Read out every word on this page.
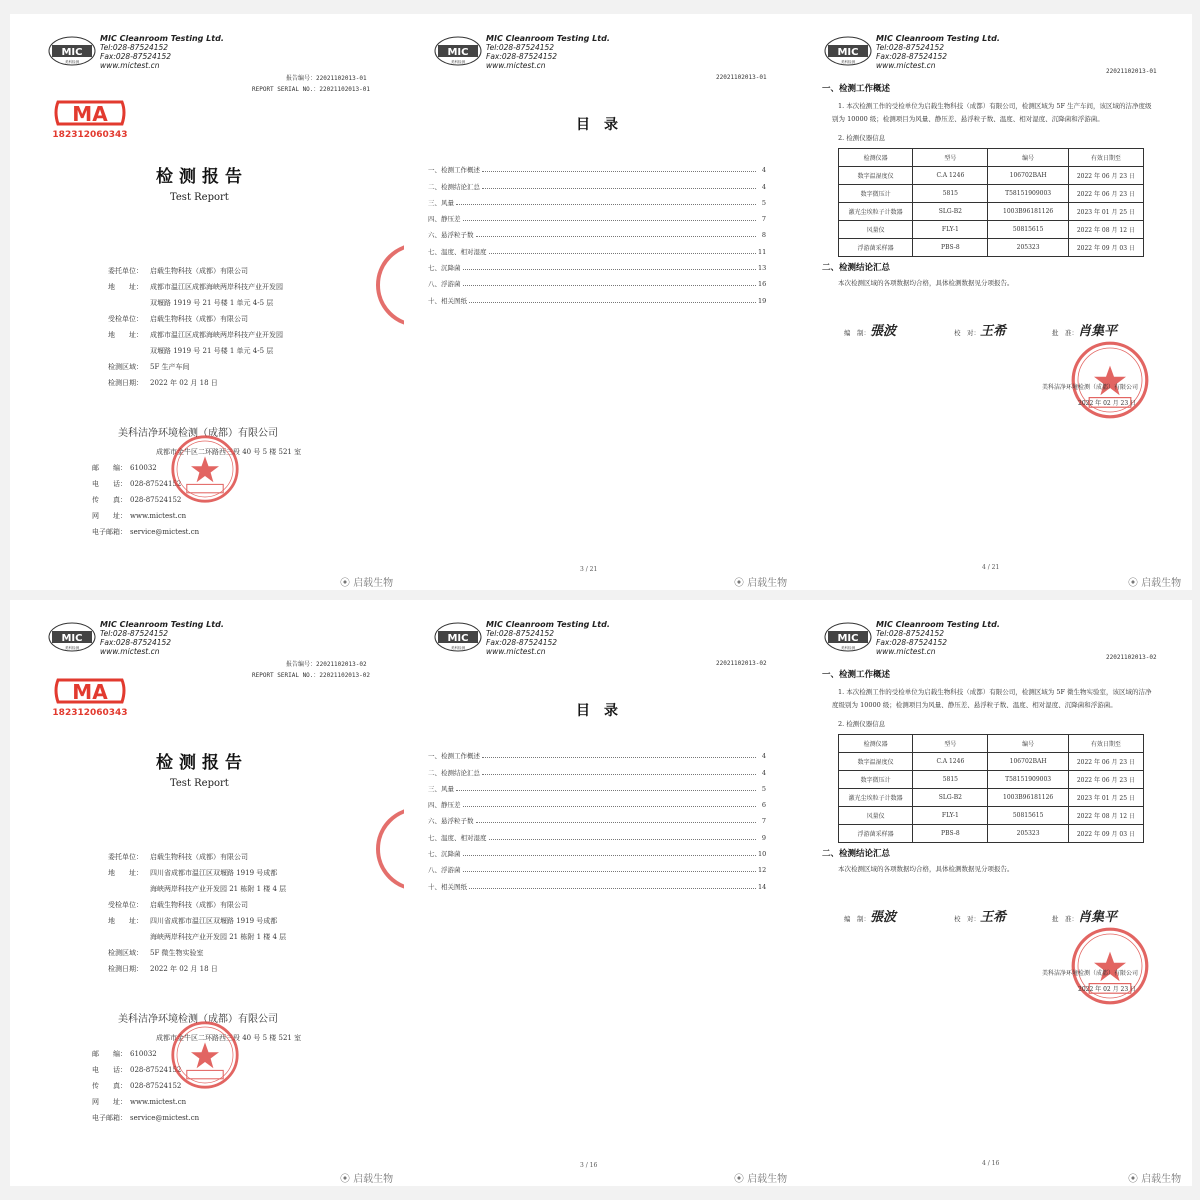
MIC
美科检测
MIC Cleanroom Testing Ltd.
Tel:028-87524152
Fax:028-87524152
www.mictest.cn
报告编号：22021102013-01
REPORT SERIAL NO.：22021102013-01
MA
182312060343
检测报告
Test Report
委托单位： 启载生物科技（成都）有限公司
地　　址： 成都市温江区成都海峡两岸科技产业开发园
双堰路 1919 号 21 号楼 1 单元 4-5 层
受检单位： 启载生物科技（成都）有限公司
地　　址： 成都市温江区成都海峡两岸科技产业开发园
双堰路 1919 号 21 号楼 1 单元 4-5 层
检测区域： 5F 生产车间
检测日期： 2022 年 02 月 18 日
美科洁净环境检测（成都）有限公司
成都市金牛区二环路西三段 40 号 5 楼 521 室
邮　　编： 610032
电　　话： 028-87524152
传　　真： 028-87524152
网　　址： www.mictest.cn
电子邮箱： service@mictest.cn
⦿ 启载生物
MIC
美科检测
MIC Cleanroom Testing Ltd.
Tel:028-87524152
Fax:028-87524152
www.mictest.cn
22021102013-01
目录
一、检测工作概述	4
二、检测结论汇总	4
三、风量	5
四、静压差	7
六、悬浮粒子数	8
七、温度、相对湿度	11
七、沉降菌	13
八、浮游菌	16
十、相关图纸	19
3 / 21
⦿ 启载生物
MIC
美科检测
MIC Cleanroom Testing Ltd.
Tel:028-87524152
Fax:028-87524152
www.mictest.cn
22021102013-01
一、检测工作概述
1. 本次检测工作的受检单位为启载生物科技（成都）有限公司，检测区域为 5F 生产车间，该区域的洁净度级别为 10000 级；检测项目为风量、静压差、悬浮粒子数、温度、相对湿度、沉降菌和浮游菌。
2. 检测仪器信息
检测仪器	型号	编号	有效日期至
数字温湿度仪	C.A 1246	106702BAH	2022 年 06 月 23 日
数字微压计	5815	T58151909003	2022 年 06 月 23 日
激光尘埃粒子计数器	SLG-B2	1003B96181126	2023 年 01 月 25 日
风量仪	FLY-1	50815615	2022 年 08 月 12 日
浮游菌采样器	PBS-8	205323	2022 年 09 月 03 日
二、检测结论汇总
本次检测区域的各项数据均合格，具体检测数据见分项报告。
编　制：張波	校　对：王希	批　准：肖集平
美科洁净环境检测（成都）有限公司
2022 年 02 月 23 日
4 / 21
⦿ 启载生物
MIC
美科检测
MIC Cleanroom Testing Ltd.
Tel:028-87524152
Fax:028-87524152
www.mictest.cn
报告编号：22021102013-02
REPORT SERIAL NO.：22021102013-02
MA
182312060343
检测报告
Test Report
委托单位： 启载生物科技（成都）有限公司
地　　址： 四川省成都市温江区双堰路 1919 号成都
海峡两岸科技产业开发园 21 栋附 1 楼 4 层
受检单位： 启载生物科技（成都）有限公司
地　　址： 四川省成都市温江区双堰路 1919 号成都
海峡两岸科技产业开发园 21 栋附 1 楼 4 层
检测区域： 5F 微生物实验室
检测日期： 2022 年 02 月 18 日
美科洁净环境检测（成都）有限公司
成都市金牛区二环路西三段 40 号 5 楼 521 室
邮　　编： 610032
电　　话： 028-87524152
传　　真： 028-87524152
网　　址： www.mictest.cn
电子邮箱： service@mictest.cn
⦿ 启载生物
MIC
美科检测
MIC Cleanroom Testing Ltd.
Tel:028-87524152
Fax:028-87524152
www.mictest.cn
22021102013-02
目录
一、检测工作概述	4
二、检测结论汇总	4
三、风量	5
四、静压差	6
六、悬浮粒子数	7
七、温度、相对湿度	9
七、沉降菌	10
八、浮游菌	12
十、相关图纸	14
3 / 16
⦿ 启载生物
MIC
美科检测
MIC Cleanroom Testing Ltd.
Tel:028-87524152
Fax:028-87524152
www.mictest.cn
22021102013-02
一、检测工作概述
1. 本次检测工作的受检单位为启载生物科技（成都）有限公司，检测区域为 5F 微生物实验室，该区域的洁净度级别为 10000 级；检测项目为风量、静压差、悬浮粒子数、温度、相对湿度、沉降菌和浮游菌。
2. 检测仪器信息
检测仪器	型号	编号	有效日期至
数字温湿度仪	C.A 1246	106702BAH	2022 年 06 月 23 日
数字微压计	5815	T58151909003	2022 年 06 月 23 日
激光尘埃粒子计数器	SLG-B2	1003B96181126	2023 年 01 月 25 日
风量仪	FLY-1	50815615	2022 年 08 月 12 日
浮游菌采样器	PBS-8	205323	2022 年 09 月 03 日
二、检测结论汇总
本次检测区域的各项数据均合格，具体检测数据见分项报告。
编　制：張波	校　对：王希	批　准：肖集平
美科洁净环境检测（成都）有限公司
2022 年 02 月 23 日
4 / 16
⦿ 启载生物
